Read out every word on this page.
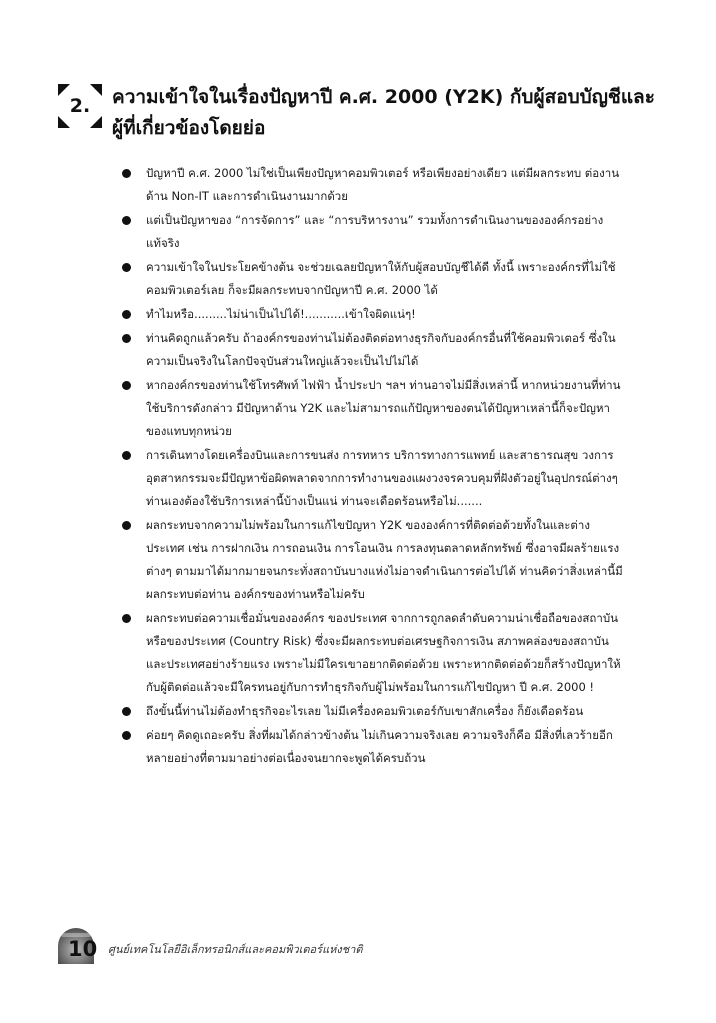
2.	ความเข้าใจในเรื่องปัญหาปี ค.ศ. 2000 (Y2K) กับผู้สอบบัญชีและผู้ที่เกี่ยวข้องโดยย่อ
ปัญหาปี ค.ศ. 2000 ไม่ใช่เป็นเพียงปัญหาคอมพิวเตอร์ หรือเพียงอย่างเดียว แต่มีผลกระทบ ต่องานด้าน Non-IT และการดำเนินงานมากด้วย
แต่เป็นปัญหาของ “การจัดการ” และ “การบริหารงาน” รวมทั้งการดำเนินงานขององค์กรอย่างแท้จริง
ความเข้าใจในประโยคข้างต้น จะช่วยเฉลยปัญหาให้กับผู้สอบบัญชีได้ดี ทั้งนี้ เพราะองค์กรที่ไม่ใช้คอมพิวเตอร์เลย ก็จะมีผลกระทบจากปัญหาปี ค.ศ. 2000 ได้
ทำไมหรือ.........ไม่น่าเป็นไปได้!...........เข้าใจผิดแน่ๆ!
ท่านคิดถูกแล้วครับ ถ้าองค์กรของท่านไม่ต้องติดต่อทางธุรกิจกับองค์กรอื่นที่ใช้คอมพิวเตอร์ ซึ่งในความเป็นจริงในโลกปัจจุบันส่วนใหญ่แล้วจะเป็นไปไม่ได้
หากองค์กรของท่านใช้โทรศัพท์ ไฟฟ้า น้ำประปา ฯลฯ ท่านอาจไม่มีสิ่งเหล่านี้ หากหน่วยงานที่ท่านใช้บริการดังกล่าว มีปัญหาด้าน Y2K และไม่สามารถแก้ปัญหาของตนได้ปัญหาเหล่านี้ก็จะปัญหาของแทบทุกหน่วย
การเดินทางโดยเครื่องบินและการขนส่ง การทหาร บริการทางการแพทย์ และสาธารณสุข วงการอุตสาหกรรมจะมีปัญหาข้อผิดพลาดจากการทำงานของแผงวงจรควบคุมที่ฝังตัวอยู่ในอุปกรณ์ต่างๆ ท่านเองต้องใช้บริการเหล่านี้บ้างเป็นแน่ ท่านจะเดือดร้อนหรือไม่.......
ผลกระทบจากความไม่พร้อมในการแก้ไขปัญหา Y2K ขององค์การที่ติดต่อด้วยทั้งในและต่างประเทศ เช่น การฝากเงิน การถอนเงิน การโอนเงิน การลงทุนตลาดหลักทรัพย์ ซึ่งอาจมีผลร้ายแรงต่างๆ ตามมาได้มากมายจนกระทั่งสถาบันบางแห่งไม่อาจดำเนินการต่อไปได้ ท่านคิดว่าสิ่งเหล่านี้มีผลกระทบต่อท่าน องค์กรของท่านหรือไม่ครับ
ผลกระทบต่อความเชื่อมั่นขององค์กร ของประเทศ จากการถูกลดลำดับความน่าเชื่อถือของสถาบัน หรือของประเทศ (Country Risk) ซึ่งจะมีผลกระทบต่อเศรษฐกิจการเงิน สภาพคล่องของสถาบันและประเทศอย่างร้ายแรง เพราะไม่มีใครเขาอยากติดต่อด้วย เพราะหากติดต่อด้วยก็สร้างปัญหาให้กับผู้ติดต่อแล้วจะมีใครทนอยู่กับการทำธุรกิจกับผู้ไม่พร้อมในการแก้ไขปัญหา ปี ค.ศ. 2000 !
ถึงขั้นนี้ท่านไม่ต้องทำธุรกิจอะไรเลย ไม่มีเครื่องคอมพิวเตอร์กับเขาสักเครื่อง ก็ยังเดือดร้อน
ค่อยๆ คิดดูเถอะครับ สิ่งที่ผมได้กล่าวข้างต้น ไม่เกินความจริงเลย ความจริงก็คือ มีสิ่งที่เลวร้ายอีกหลายอย่างที่ตามมาอย่างต่อเนื่องจนยากจะพูดได้ครบถ้วน
10 ศูนย์เทคโนโลยีอิเล็กทรอนิกส์และคอมพิวเตอร์แห่งชาติ
